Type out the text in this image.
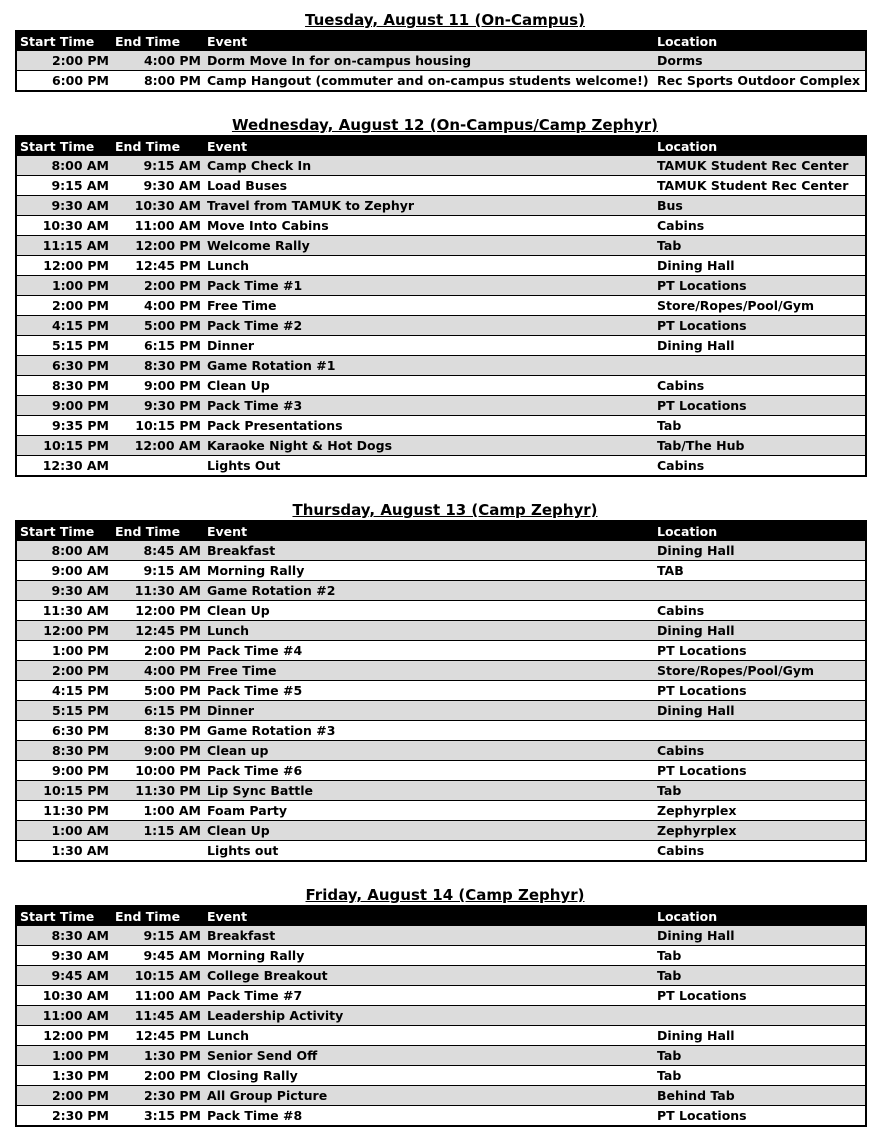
Tuesday, August 11 (On-Campus)
Start Time	End Time	Event	Location
2:00 PM	4:00 PM	Dorm Move In for on-campus housing	Dorms
6:00 PM	8:00 PM	Camp Hangout (commuter and on-campus students welcome!)	Rec Sports Outdoor Complex
Wednesday, August 12 (On-Campus/Camp Zephyr)
Start Time	End Time	Event	Location
8:00 AM	9:15 AM	Camp Check In	TAMUK Student Rec Center
9:15 AM	9:30 AM	Load Buses	TAMUK Student Rec Center
9:30 AM	10:30 AM	Travel from TAMUK to Zephyr	Bus
10:30 AM	11:00 AM	Move Into Cabins	Cabins
11:15 AM	12:00 PM	Welcome Rally	Tab
12:00 PM	12:45 PM	Lunch	Dining Hall
1:00 PM	2:00 PM	Pack Time #1	PT Locations
2:00 PM	4:00 PM	Free Time	Store/Ropes/Pool/Gym
4:15 PM	5:00 PM	Pack Time #2	PT Locations
5:15 PM	6:15 PM	Dinner	Dining Hall
6:30 PM	8:30 PM	Game Rotation #1	
8:30 PM	9:00 PM	Clean Up	Cabins
9:00 PM	9:30 PM	Pack Time #3	PT Locations
9:35 PM	10:15 PM	Pack Presentations	Tab
10:15 PM	12:00 AM	Karaoke Night & Hot Dogs	Tab/The Hub
12:30 AM		Lights Out	Cabins
Thursday, August 13 (Camp Zephyr)
Start Time	End Time	Event	Location
8:00 AM	8:45 AM	Breakfast	Dining Hall
9:00 AM	9:15 AM	Morning Rally	TAB
9:30 AM	11:30 AM	Game Rotation #2	
11:30 AM	12:00 PM	Clean Up	Cabins
12:00 PM	12:45 PM	Lunch	Dining Hall
1:00 PM	2:00 PM	Pack Time #4	PT Locations
2:00 PM	4:00 PM	Free Time	Store/Ropes/Pool/Gym
4:15 PM	5:00 PM	Pack Time #5	PT Locations
5:15 PM	6:15 PM	Dinner	Dining Hall
6:30 PM	8:30 PM	Game Rotation #3	
8:30 PM	9:00 PM	Clean up	Cabins
9:00 PM	10:00 PM	Pack Time #6	PT Locations
10:15 PM	11:30 PM	Lip Sync Battle	Tab
11:30 PM	1:00 AM	Foam Party	Zephyrplex
1:00 AM	1:15 AM	Clean Up	Zephyrplex
1:30 AM		Lights out	Cabins
Friday, August 14 (Camp Zephyr)
Start Time	End Time	Event	Location
8:30 AM	9:15 AM	Breakfast	Dining Hall
9:30 AM	9:45 AM	Morning Rally	Tab
9:45 AM	10:15 AM	College Breakout	Tab
10:30 AM	11:00 AM	Pack Time #7	PT Locations
11:00 AM	11:45 AM	Leadership Activity	
12:00 PM	12:45 PM	Lunch	Dining Hall
1:00 PM	1:30 PM	Senior Send Off	Tab
1:30 PM	2:00 PM	Closing Rally	Tab
2:00 PM	2:30 PM	All Group Picture	Behind Tab
2:30 PM	3:15 PM	Pack Time #8	PT Locations
